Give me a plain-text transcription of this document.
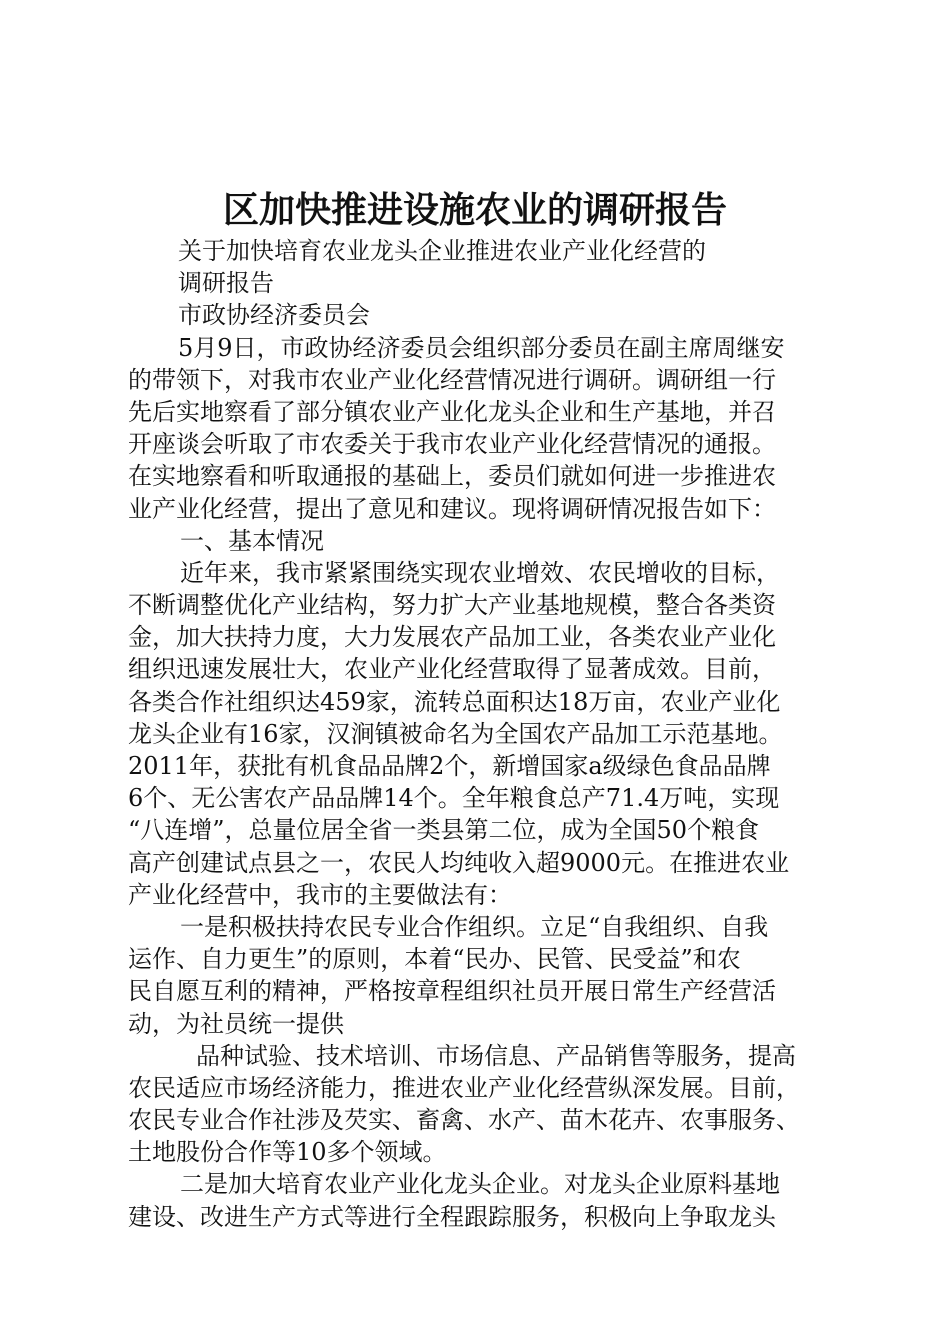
区加快推进设施农业的调研报告
关于加快培育农业龙头企业推进农业产业化经营的
调研报告
市政协经济委员会
5月9日，市政协经济委员会组织部分委员在副主席周继安
的带领下，对我市农业产业化经营情况进行调研。调研组一行
先后实地察看了部分镇农业产业化龙头企业和生产基地，并召
开座谈会听取了市农委关于我市农业产业化经营情况的通报。
在实地察看和听取通报的基础上，委员们就如何进一步推进农
业产业化经营，提出了意见和建议。现将调研情况报告如下：
一、基本情况
近年来，我市紧紧围绕实现农业增效、农民增收的目标，
不断调整优化产业结构，努力扩大产业基地规模，整合各类资
金，加大扶持力度，大力发展农产品加工业，各类农业产业化
组织迅速发展壮大，农业产业化经营取得了显著成效。目前，
各类合作社组织达459家，流转总面积达18万亩，农业产业化
龙头企业有16家，汉涧镇被命名为全国农产品加工示范基地。
2011年，获批有机食品品牌2个，新增国家a级绿色食品品牌
6个、无公害农产品品牌14个。全年粮食总产71.4万吨，实现
“八连增”，总量位居全省一类县第二位，成为全国50个粮食
高产创建试点县之一，农民人均纯收入超9000元。在推进农业
产业化经营中，我市的主要做法有：
一是积极扶持农民专业合作组织。立足“自我组织、自我
运作、自力更生”的原则，本着“民办、民管、民受益”和农
民自愿互利的精神，严格按章程组织社员开展日常生产经营活
动，为社员统一提供
品种试验、技术培训、市场信息、产品销售等服务，提高
农民适应市场经济能力，推进农业产业化经营纵深发展。目前，
农民专业合作社涉及芡实、畜禽、水产、苗木花卉、农事服务、
土地股份合作等10多个领域。
二是加大培育农业产业化龙头企业。对龙头企业原料基地
建设、改进生产方式等进行全程跟踪服务，积极向上争取龙头
